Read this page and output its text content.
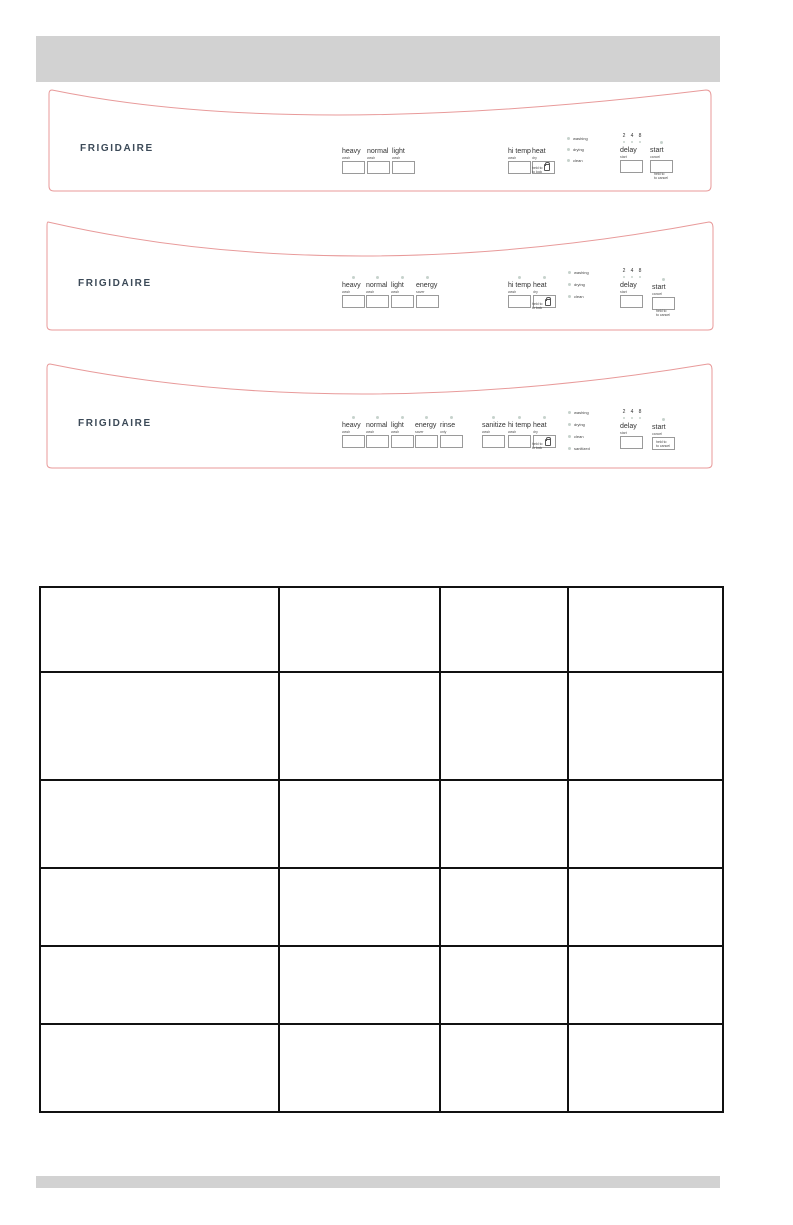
FRIGIDAIRE	heavy
wash
normal
wash
light
wash
hi temp
wash
heat
dry
held to
to lock
washing
drying
clean
2 4 8
delay
start
start
cancel
held to
to cancel
FRIGIDAIRE	heavy
wash
normal
wash
light
wash
energy
saver
hi temp
wash
heat
dry
held to
to lock
washing
drying
clean
2 4 8
delay
start
start
cancel
held to
to cancel
FRIGIDAIRE	heavy
wash
normal
wash
light
wash
energy
saver
rinse
only
sanitize
wash
hi temp
wash
heat
dry
held to
to lock
washing
drying
clean
sanitized
2 4 8
delay
start
start
cancel
held to
to cancel
